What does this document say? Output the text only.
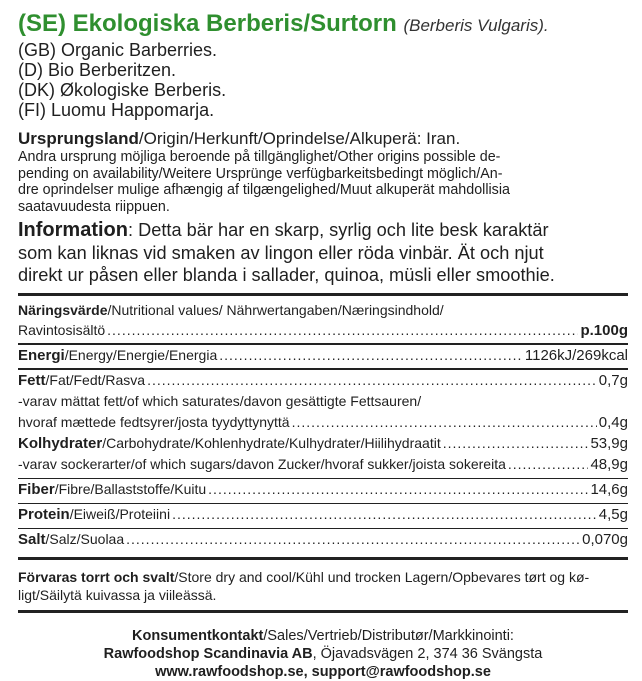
(SE) Ekologiska Berberis/Surtorn (Berberis Vulgaris).
(GB) Organic Barberries.
(D) Bio Berberitzen.
(DK) Økologiske Berberis.
(FI) Luomu Happomarja.
Ursprungsland/Origin/Herkunft/Oprindelse/Alkuperä: Iran.
Andra ursprung möjliga beroende på tillgänglighet/Other origins possible de-
pending on availability/Weitere Ursprünge verfügbarkeitsbedingt möglich/An-
dre oprindelser mulige afhængig af tilgængelighed/Muut alkuperät mahdollisia
saatavuudesta riippuen.
Information: Detta bär har en skarp, syrlig och lite besk karaktär
som kan liknas vid smaken av lingon eller röda vinbär. Ät och njut
direkt ur påsen eller blanda i sallader, quinoa, müsli eller smoothie.
Näringsvärde/Nutritional values/ Nährwertangaben/Næringsindhold/
Ravintosisältö .....	p.100g
Energi/Energy/Energie/Energia .....	1126kJ/269kcal
Fett/Fat/Fedt/Rasva .....	0,7g
-varav mättat fett/of which saturates/davon gesättigte Fettsauren/
hvoraf mættede fedtsyrer/josta tyydyttynyttä .....	0,4g
Kolhydrater/Carbohydrate/Kohlenhydrate/Kulhydrater/Hiilihydraatit .....	53,9g
-varav sockerarter/of which sugars/davon Zucker/hvoraf sukker/joista sokereita .....	48,9g
Fiber/Fibre/Ballaststoffe/Kuitu .....	14,6g
Protein/Eiweiß/Proteiini .....	4,5g
Salt/Salz/Suolaa .....	0,070g
Förvaras torrt och svalt/Store dry and cool/Kühl und trocken Lagern/Opbevares tørt og kø-
ligt/Säilytä kuivassa ja viileässä.
Konsumentkontakt/Sales/Vertrieb/Distributør/Markkinointi:
Rawfoodshop Scandinavia AB, Öjavadsvägen 2, 374 36 Svängsta
www.rawfoodshop.se, support@rawfoodshop.se
